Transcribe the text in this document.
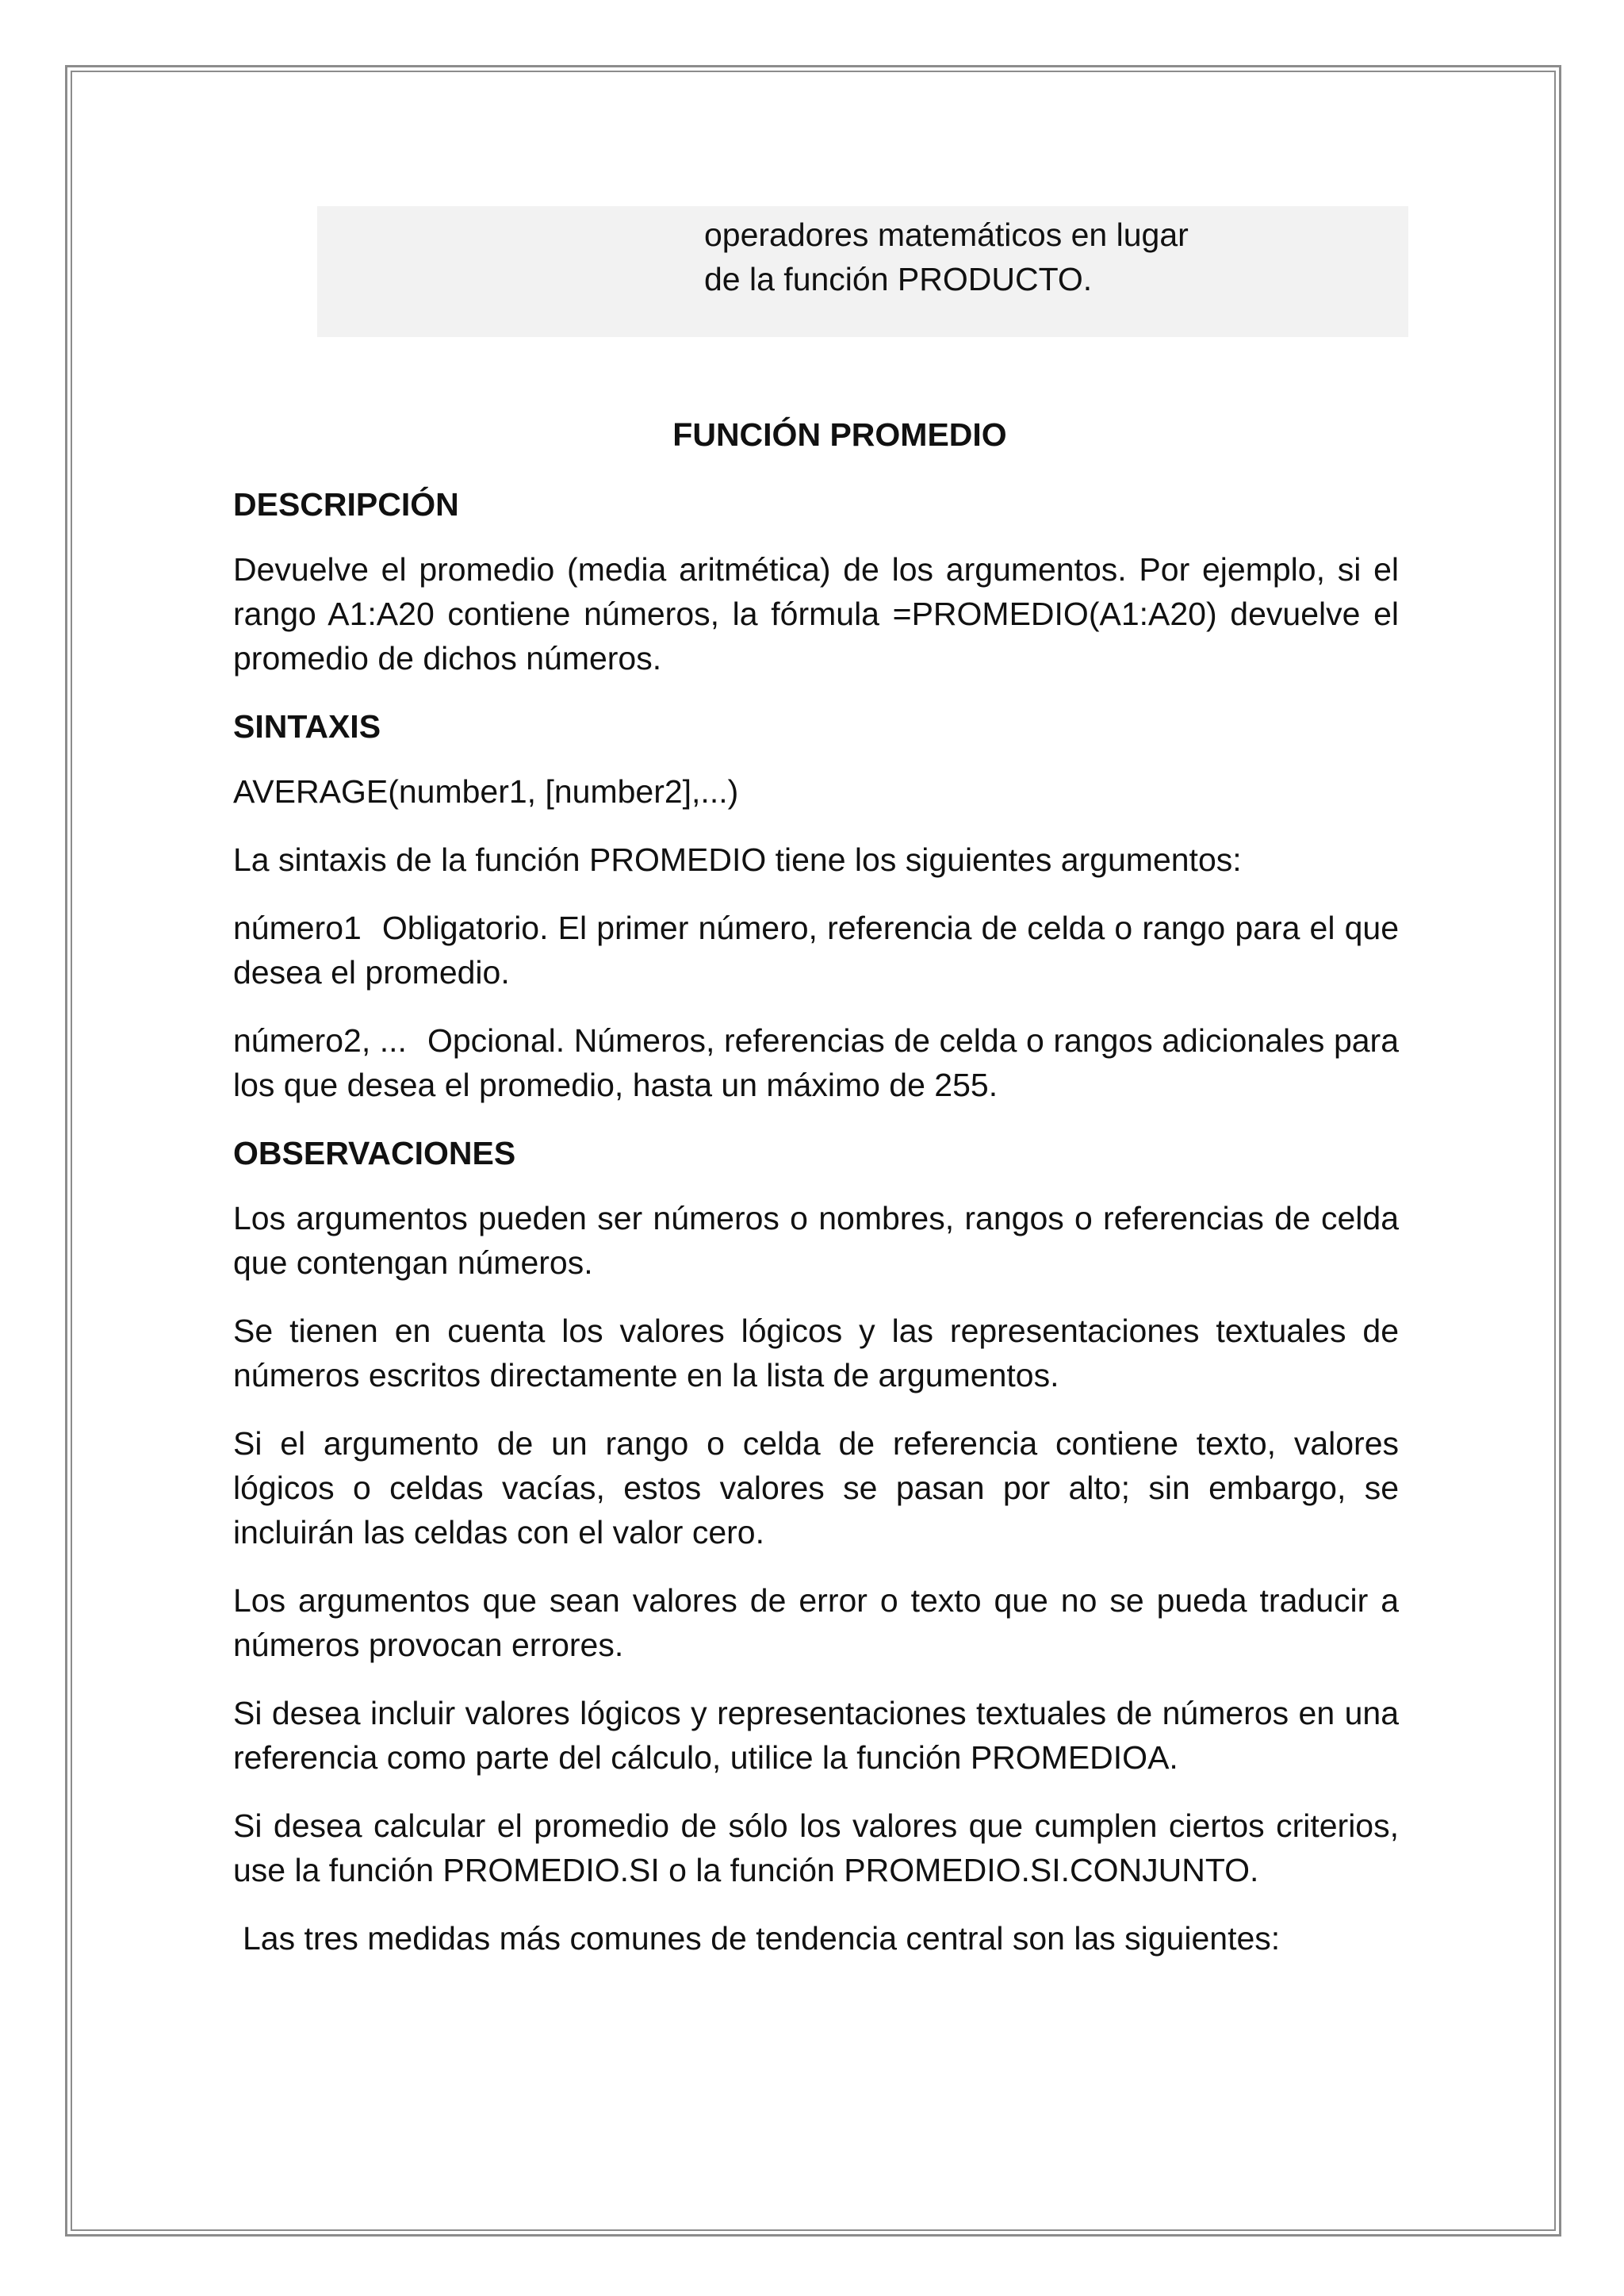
operadores matemáticos en lugar
de la función PRODUCTO.
FUNCIÓN PROMEDIO
DESCRIPCIÓN
Devuelve el promedio (media aritmética) de los argumentos. Por ejemplo, si el rango A1:A20 contiene números, la fórmula =PROMEDIO(A1:A20) devuelve el promedio de dichos números.
SINTAXIS
AVERAGE(number1, [number2],...)
La sintaxis de la función PROMEDIO tiene los siguientes argumentos:
número1 Obligatorio. El primer número, referencia de celda o rango para el que desea el promedio.
número2, ... Opcional. Números, referencias de celda o rangos adicionales para los que desea el promedio, hasta un máximo de 255.
OBSERVACIONES
Los argumentos pueden ser números o nombres, rangos o referencias de celda que contengan números.
Se tienen en cuenta los valores lógicos y las representaciones textuales de números escritos directamente en la lista de argumentos.
Si el argumento de un rango o celda de referencia contiene texto, valores lógicos o celdas vacías, estos valores se pasan por alto; sin embargo, se incluirán las celdas con el valor cero.
Los argumentos que sean valores de error o texto que no se pueda traducir a números provocan errores.
Si desea incluir valores lógicos y representaciones textuales de números en una referencia como parte del cálculo, utilice la función PROMEDIOA.
Si desea calcular el promedio de sólo los valores que cumplen ciertos criterios, use la función PROMEDIO.SI o la función PROMEDIO.SI.CONJUNTO.
Las tres medidas más comunes de tendencia central son las siguientes:
